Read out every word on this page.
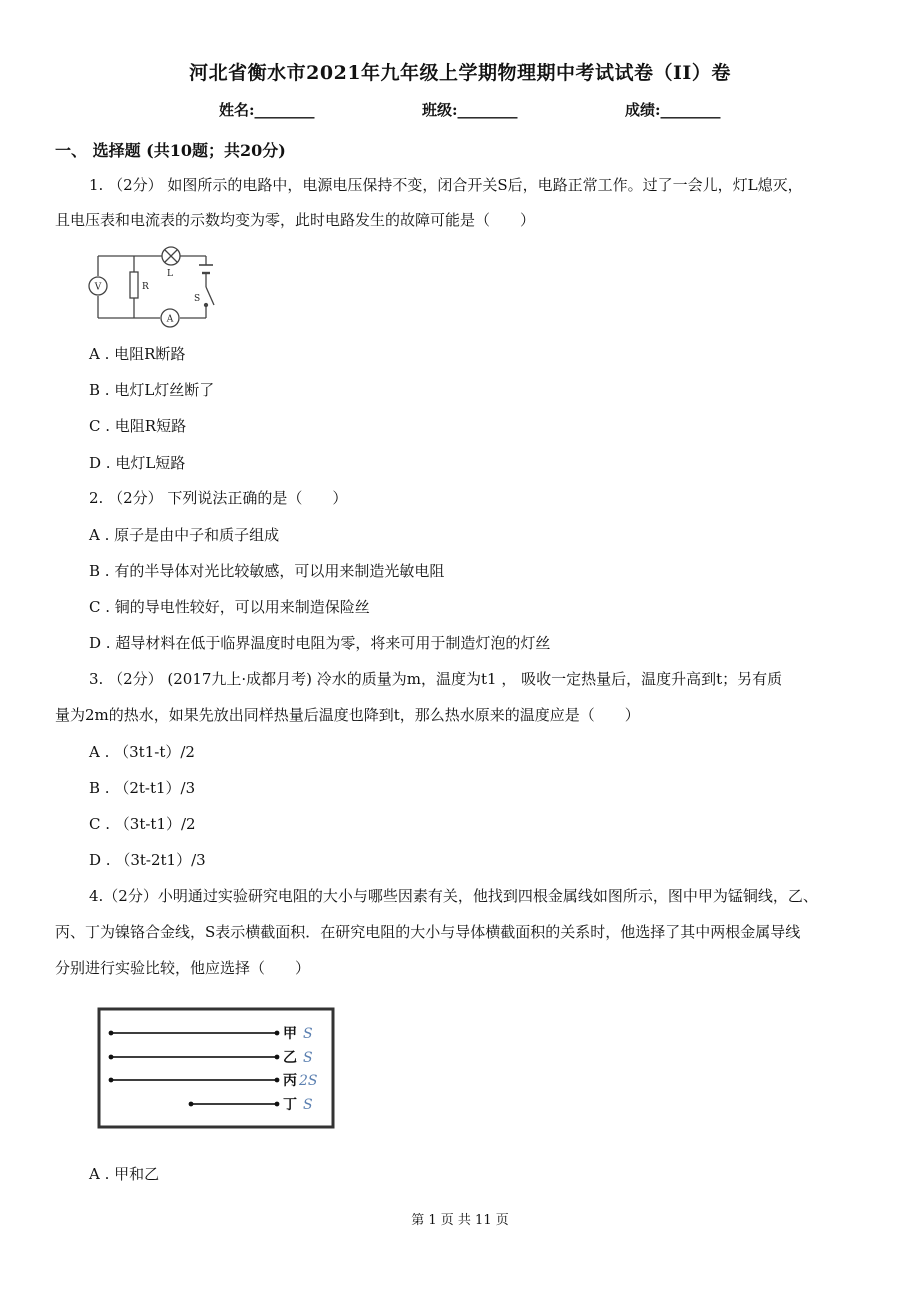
河北省衡水市2021年九年级上学期物理期中考试试卷（II）卷
姓名:________	班级:________	成绩:________
一、 选择题 (共10题；共20分)
1. （2分） 如图所示的电路中，电源电压保持不变，闭合开关S后，电路正常工作。过了一会儿，灯L熄灭，
且电压表和电流表的示数均变为零，此时电路发生的故障可能是（　　）
V	R
L
A
S
A . 电阻R断路
B . 电灯L灯丝断了
C . 电阻R短路
D . 电灯L短路
2. （2分） 下列说法正确的是（　　）
A . 原子是由中子和质子组成
B . 有的半导体对光比较敏感，可以用来制造光敏电阻
C . 铜的导电性较好，可以用来制造保险丝
D . 超导材料在低于临界温度时电阻为零，将来可用于制造灯泡的灯丝
3. （2分） (2017九上·成都月考) 冷水的质量为m，温度为t1 ， 吸收一定热量后，温度升高到t；另有质
量为2m的热水，如果先放出同样热量后温度也降到t，那么热水原来的温度应是（　　）
A . （3t1-t）/2
B . （2t-t1）/3
C . （3t-t1）/2
D . （3t-2t1）/3
4.（2分）小明通过实验研究电阻的大小与哪些因素有关，他找到四根金属线如图所示，图中甲为锰铜线，乙、
丙、丁为镍铬合金线，S表示横截面积．在研究电阻的大小与导体横截面积的关系时，他选择了其中两根金属导线
分别进行实验比较，他应选择（　　）
甲
乙
丙
丁
S
S
2S
S
A . 甲和乙
第 1 页 共 11 页
